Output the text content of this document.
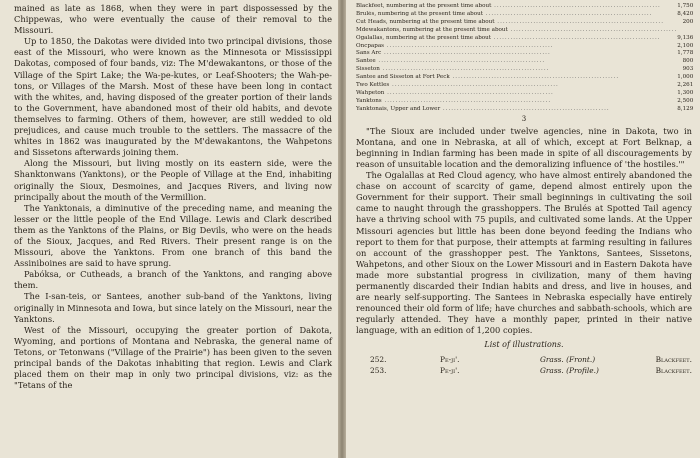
mained as late as 1868, when they were in part dispossessed by the Chippewas, who were eventually the cause of their removal to the Missouri.

Up to 1850, the Dakotas were divided into two principal divisions, those east of the Missouri, who were known as the Minnesota or Mississippi Dakotas, composed of four bands, viz: The M'dewakantons, or those of the Village of the Spirt Lake; the Wa-pe-kutes, or Leaf-Shooters; the Wah-pe-tons, or Villages of the Marsh. Most of these have been long in contact with the whites, and, having disposed of the greater portion of their lands to the Government, have abandoned most of their old habits, and devote themselves to farming. Others of them, however, are still wedded to old prejudices, and cause much trouble to the settlers. The massacre of the whites in 1862 was inaugurated by the M'dewakantons, the Wahpetons and Sissetons afterwards joining them.

Along the Missouri, but living mostly on its eastern side, were the Shanktonwans (Yanktons), or the People of Village at the End, inhabiting originally the Sioux, Desmoines, and Jacques Rivers, and living now principally about the mouth of the Vermillion.

The Yanktonais, a diminutive of the preceding name, and meaning the lesser or the little people of the End Village. Lewis and Clark described them as the Yanktons of the Plains, or Big Devils, who were on the heads of the Sioux, Jacques, and Red Rivers. Their present range is on the Missouri, above the Yanktons. From one branch of this band the Assiniboines are said to have sprung.

Pabóksa, or Cutheads, a branch of the Yanktons, and ranging above them.

The I-san-teis, or Santees, another sub-band of the Yanktons, living originally in Minnesota and Iowa, but since lately on the Missouri, near the Yanktons.

West of the Missouri, occupying the greater portion of Dakota, Wyoming, and portions of Montana and Nebraska, the general name of Tetons, or Tetonwans ("Village of the Prairie") has been given to the seven principal bands of the Dakotas inhabiting that region. Lewis and Clark placed them on their map in only two principal divisions, viz: as the "Tetans of the

Blackfeet, numbering at the present time about ............................................................	1,750
Brulés, numbering at the present time about ............................................................	8,420
Cut Heads, numbering at the present time about ............................................................	200
Mdewakantons, numbering at the present time about ............................................................	
Ogalallas, numbering at the present time about ............................................................	9,136
Oncpapas ............................................................	2,100
Sans Arc ............................................................	1,778
Santee ............................................................	800
Sisseton ............................................................	903
Santee and Sisseton at Fort Peck ............................................................	1,000
Two Kettles ............................................................	2,261
Wahpeton ............................................................	1,300
Yanktons ............................................................	2,500
Yanktonais, Upper and Lower ............................................................	8,129
3

"The Sioux are included under twelve agencies, nine in Dakota, two in Montana, and one in Nebraska, at all of which, except at Fort Belknap, a beginning in Indian farming has been made in spite of all discouragements by reason of unsuitable location and the demoralizing influence of 'the hostiles.'"

The Ogalallas at Red Cloud agency, who have almost entirely abandoned the chase on account of scarcity of game, depend almost entirely upon the Government for their support. Their small beginnings in cultivating the soil came to naught through the grasshoppers. The Brulés at Spotted Tail agency have a thriving school with 75 pupils, and cultivated some lands. At the Upper Missouri agencies but little has been done beyond feeding the Indians who report to them for that purpose, their attempts at farming resulting in failures on account of the grasshopper pest. The Yanktons, Santees, Sissetons, Wahpetons, and other Sioux on the Lower Missouri and in Eastern Dakota have made more substantial progress in civilization, many of them having permanently discarded their Indian habits and dress, and live in houses, and are nearly self-supporting. The Santees in Nebraska especially have entirely renounced their old form of life; have churches and sabbath-schools, which are regularly attended. They have a monthly paper, printed in their native language, with an edition of 1,200 copies.

List of illustrations.
252.	Pe-ji'.	Grass. (Front.)	Blackfeet.
253.	Pe-ji'.	Grass. (Profile.)	Blackfeet.
